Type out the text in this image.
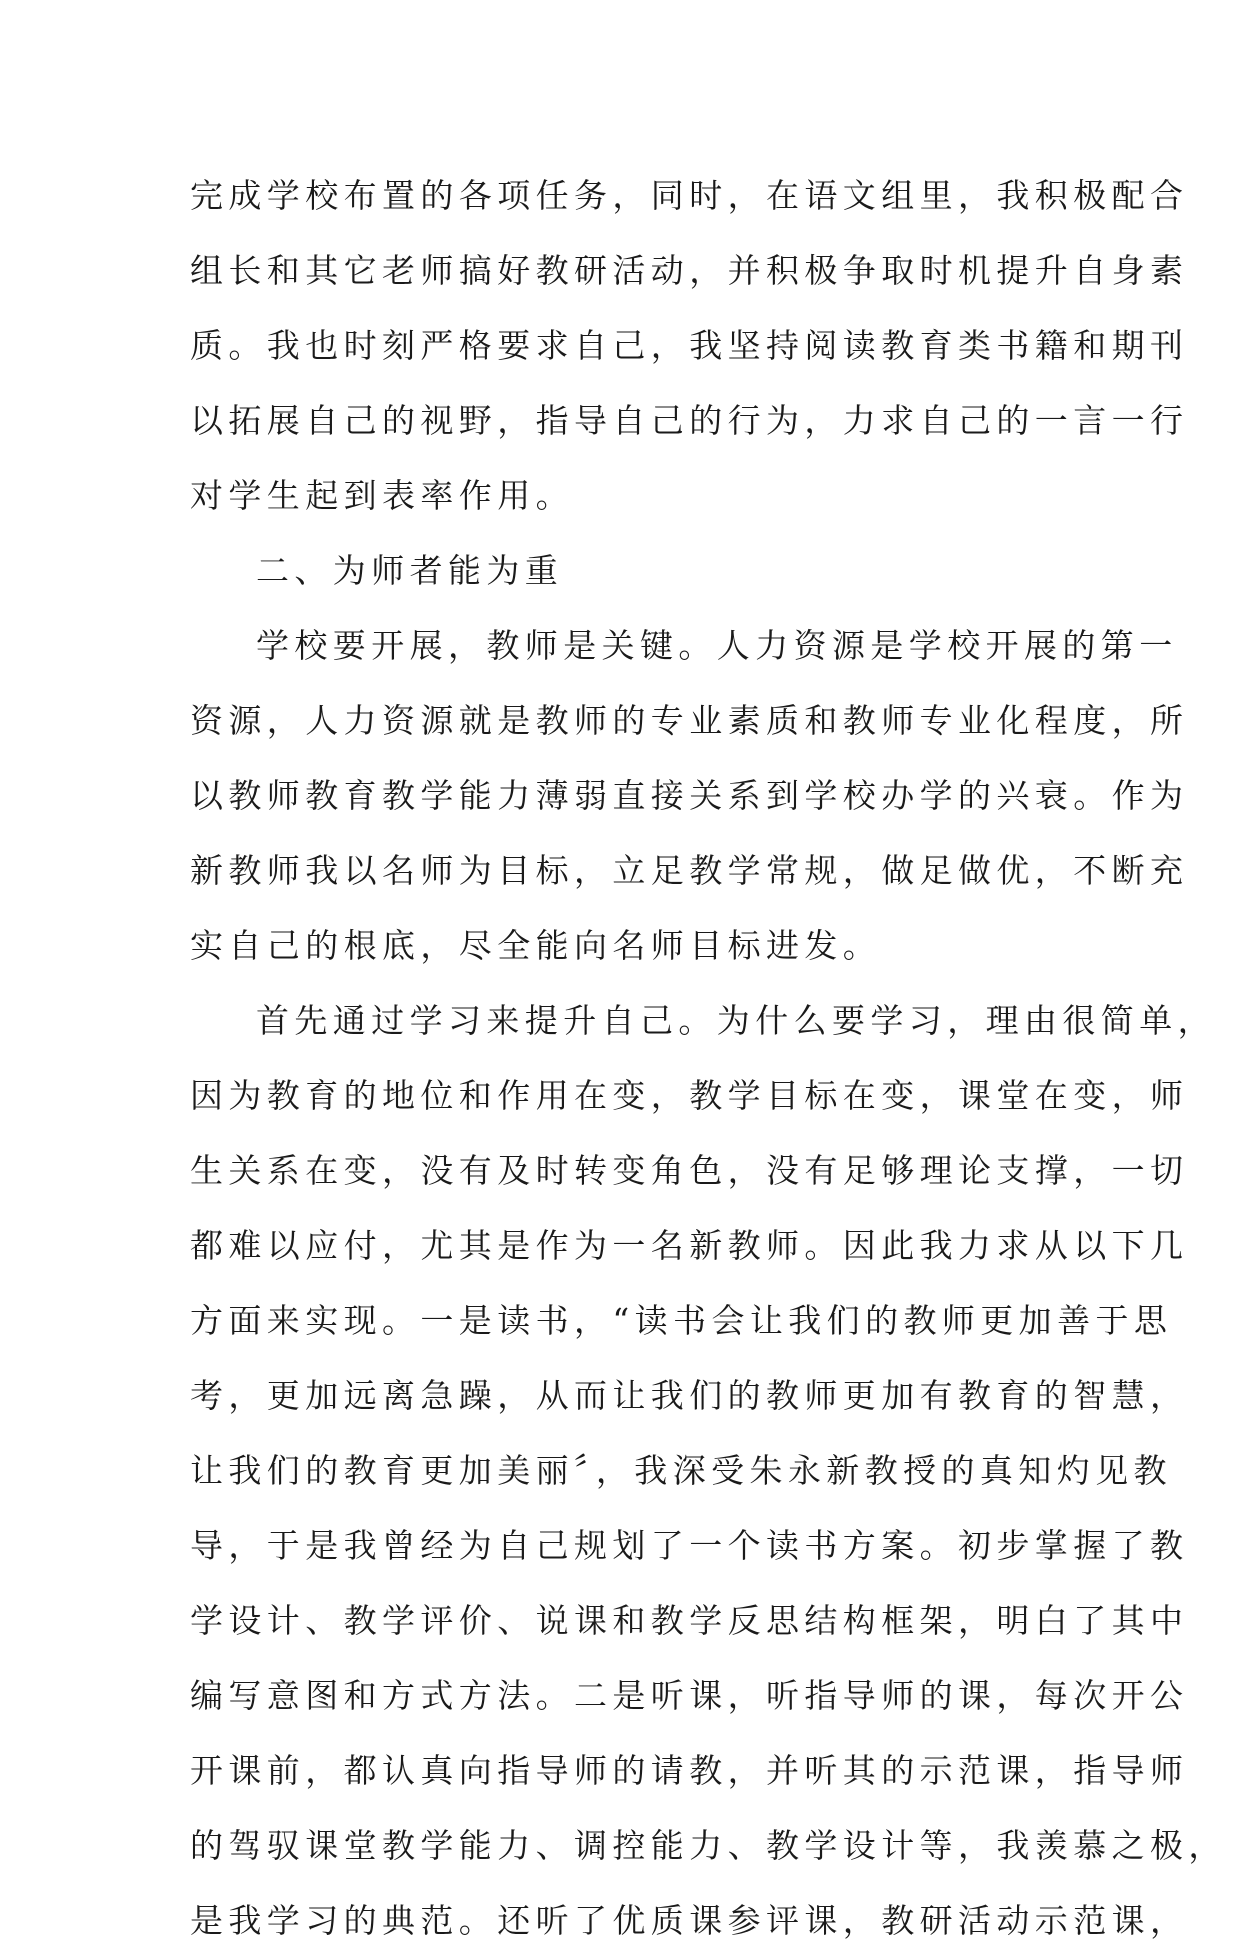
完成学校布置的各项任务，同时，在语文组里，我积极配合
组长和其它老师搞好教研活动，并积极争取时机提升自身素
质。我也时刻严格要求自己，我坚持阅读教育类书籍和期刊
以拓展自己的视野，指导自己的行为，力求自己的一言一行
对学生起到表率作用。
二、为师者能为重
学校要开展，教师是关键。人力资源是学校开展的第一
资源，人力资源就是教师的专业素质和教师专业化程度，所
以教师教育教学能力薄弱直接关系到学校办学的兴衰。作为
新教师我以名师为目标，立足教学常规，做足做优，不断充
实自己的根底，尽全能向名师目标进发。
首先通过学习来提升自己。为什么要学习，理由很简单，
因为教育的地位和作用在变，教学目标在变，课堂在变，师
生关系在变，没有及时转变角色，没有足够理论支撑，一切
都难以应付，尤其是作为一名新教师。因此我力求从以下几
方面来实现。一是读书，“读书会让我们的教师更加善于思
考，更加远离急躁，从而让我们的教师更加有教育的智慧，
让我们的教育更加美丽〞，我深受朱永新教授的真知灼见教
导，于是我曾经为自己规划了一个读书方案。初步掌握了教
学设计、教学评价、说课和教学反思结构框架，明白了其中
编写意图和方式方法。二是听课，听指导师的课，每次开公
开课前，都认真向指导师的请教，并听其的示范课，指导师
的驾驭课堂教学能力、调控能力、教学设计等，我羡慕之极，
是我学习的典范。还听了优质课参评课，教研活动示范课，
